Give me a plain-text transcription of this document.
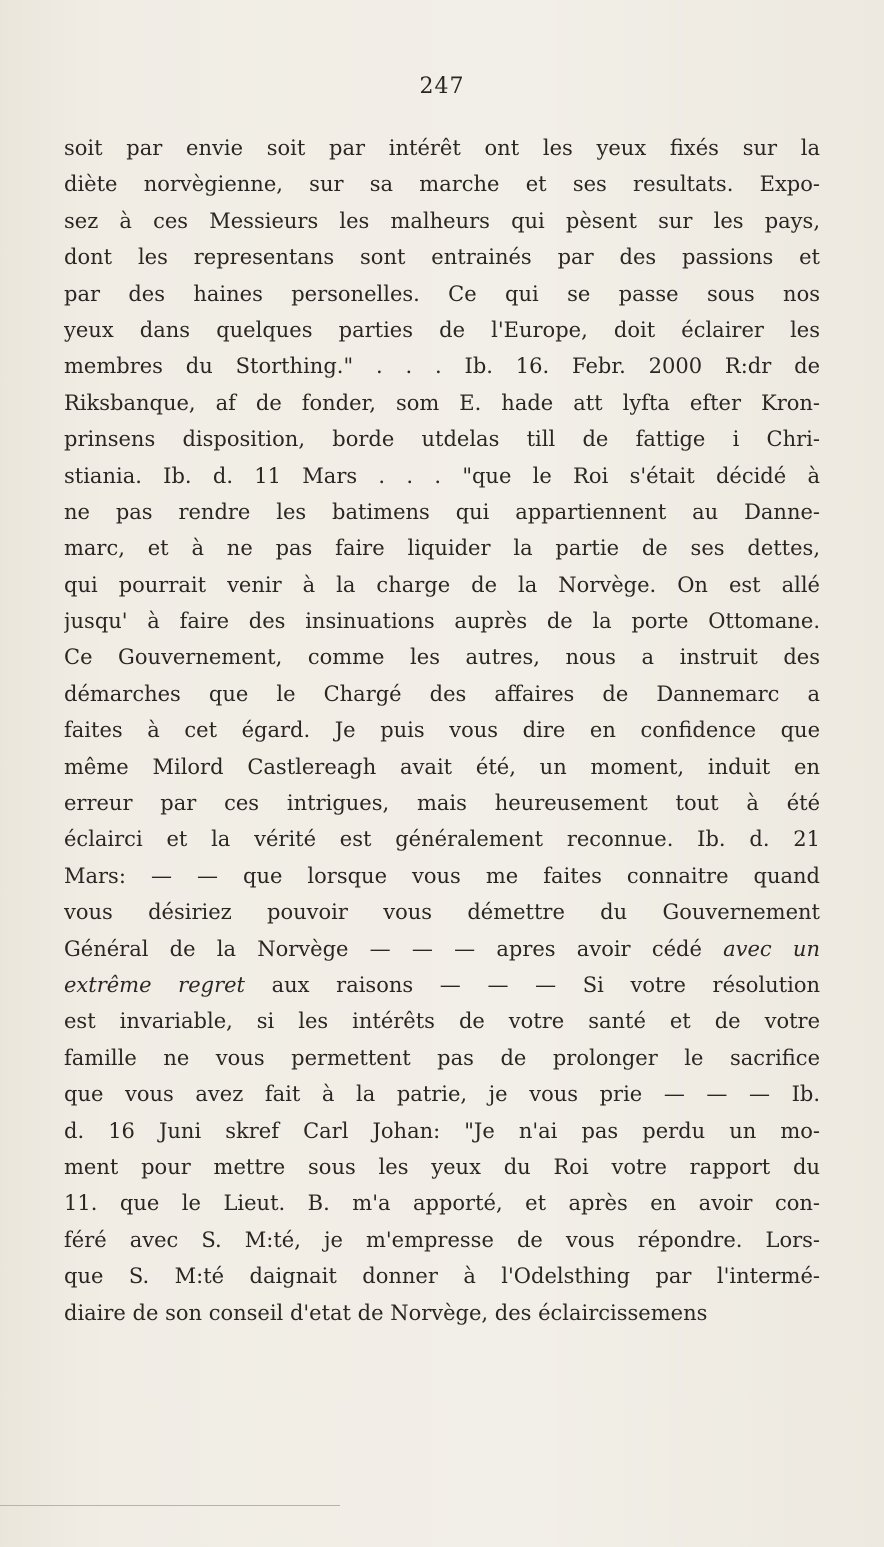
247
soit par envie soit par intérêt ont les yeux fixés sur la
diète norvègienne, sur sa marche et ses resultats. Expo-
sez à ces Messieurs les malheurs qui pèsent sur les pays,
dont les representans sont entrainés par des passions et
par des haines personelles. Ce qui se passe sous nos
yeux dans quelques parties de l'Europe, doit éclairer les
membres du Storthing." . . . Ib. 16. Febr. 2000 R:dr de
Riksbanque, af de fonder, som E. hade att lyfta efter Kron-
prinsens disposition, borde utdelas till de fattige i Chri-
stiania. Ib. d. 11 Mars . . . "que le Roi s'était décidé à
ne pas rendre les batimens qui appartiennent au Danne-
marc, et à ne pas faire liquider la partie de ses dettes,
qui pourrait venir à la charge de la Norvège. On est allé
jusqu' à faire des insinuations auprès de la porte Ottomane.
Ce Gouvernement, comme les autres, nous a instruit des
démarches que le Chargé des affaires de Dannemarc a
faites à cet égard. Je puis vous dire en confidence que
même Milord Castlereagh avait été, un moment, induit en
erreur par ces intrigues, mais heureusement tout à été
éclairci et la vérité est généralement reconnue. Ib. d. 21
Mars: — — que lorsque vous me faites connaitre quand
vous désiriez pouvoir vous démettre du Gouvernement
Général de la Norvège — — — apres avoir cédé avec un
extrême regret aux raisons — — — Si votre résolution
est invariable, si les intérêts de votre santé et de votre
famille ne vous permettent pas de prolonger le sacrifice
que vous avez fait à la patrie, je vous prie — — — Ib.
d. 16 Juni skref Carl Johan: "Je n'ai pas perdu un mo-
ment pour mettre sous les yeux du Roi votre rapport du
11. que le Lieut. B. m'a apporté, et après en avoir con-
féré avec S. M:té, je m'empresse de vous répondre. Lors-
que S. M:té daignait donner à l'Odelsthing par l'intermé-
diaire de son conseil d'etat de Norvège, des éclaircissemens
